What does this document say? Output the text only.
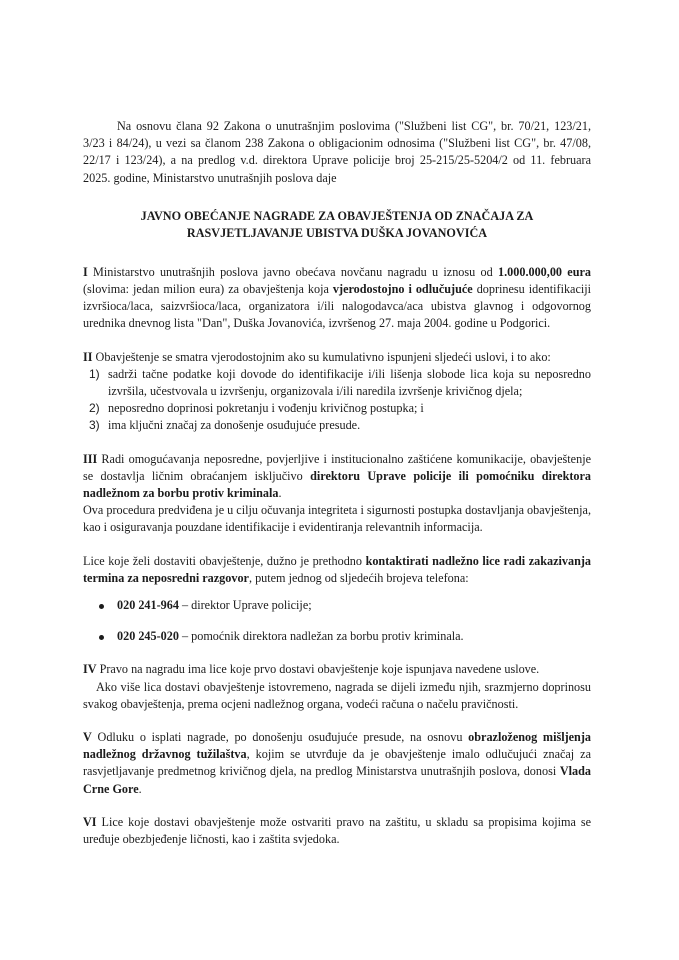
Na osnovu člana 92 Zakona o unutrašnjim poslovima ("Službeni list CG", br. 70/21, 123/21, 3/23 i 84/24), u vezi sa članom 238 Zakona o obligacionim odnosima ("Službeni list CG", br. 47/08, 22/17 i 123/24), a na predlog v.d. direktora Uprave policije broj 25-215/25-5204/2 od 11. februara 2025. godine, Ministarstvo unutrašnjih poslova daje

JAVNO OBEĆANJE NAGRADE ZA OBAVJEŠTENJA OD ZNAČAJA ZA
RASVJETLJAVANJE UBISTVA DUŠKA JOVANOVIĆA

I Ministarstvo unutrašnjih poslova javno obećava novčanu nagradu u iznosu od 1.000.000,00 eura (slovima: jedan milion eura) za obavještenja koja vjerodostojno i odlučujuće doprinesu identifikaciji izvršioca/laca, saizvršioca/laca, organizatora i/ili nalogodavca/aca ubistva glavnog i odgovornog urednika dnevnog lista "Dan", Duška Jovanovića, izvršenog 27. maja 2004. godine u Podgorici.

II Obavještenje se smatra vjerodostojnim ako su kumulativno ispunjeni sljedeći uslovi, i to ako:

1) sadrži tačne podatke koji dovode do identifikacije i/ili lišenja slobode lica koja su neposredno izvršila, učestvovala u izvršenju, organizovala i/ili naredila izvršenje krivičnog djela;

2) neposredno doprinosi pokretanju i vođenju krivičnog postupka; i

3) ima ključni značaj za donošenje osuđujuće presude.

III Radi omogućavanja neposredne, povjerljive i institucionalno zaštićene komunikacije, obavještenje se dostavlja ličnim obraćanjem isključivo direktoru Uprave policije ili pomoćniku direktora nadležnom za borbu protiv kriminala.

Ova procedura predviđena je u cilju očuvanja integriteta i sigurnosti postupka dostavljanja obavještenja, kao i osiguravanja pouzdane identifikacije i evidentiranja relevantnih informacija.

Lice koje želi dostaviti obavještenje, dužno je prethodno kontaktirati nadležno lice radi zakazivanja termina za neposredni razgovor, putem jednog od sljedećih brojeva telefona:

020 241-964 – direktor Uprave policije;
020 245-020 – pomoćnik direktora nadležan za borbu protiv kriminala.

IV Pravo na nagradu ima lice koje prvo dostavi obavještenje koje ispunjava navedene uslove.

Ako više lica dostavi obavještenje istovremeno, nagrada se dijeli između njih, srazmjerno doprinosu svakog obavještenja, prema ocjeni nadležnog organa, vodeći računa o načelu pravičnosti.

V Odluku o isplati nagrade, po donošenju osuđujuće presude, na osnovu obrazloženog mišljenja nadležnog državnog tužilaštva, kojim se utvrđuje da je obavještenje imalo odlučujući značaj za rasvjetljavanje predmetnog krivičnog djela, na predlog Ministarstva unutrašnjih poslova, donosi Vlada Crne Gore.

VI Lice koje dostavi obavještenje može ostvariti pravo na zaštitu, u skladu sa propisima kojima se uređuje obezbjeđenje ličnosti, kao i zaštita svjedoka.
